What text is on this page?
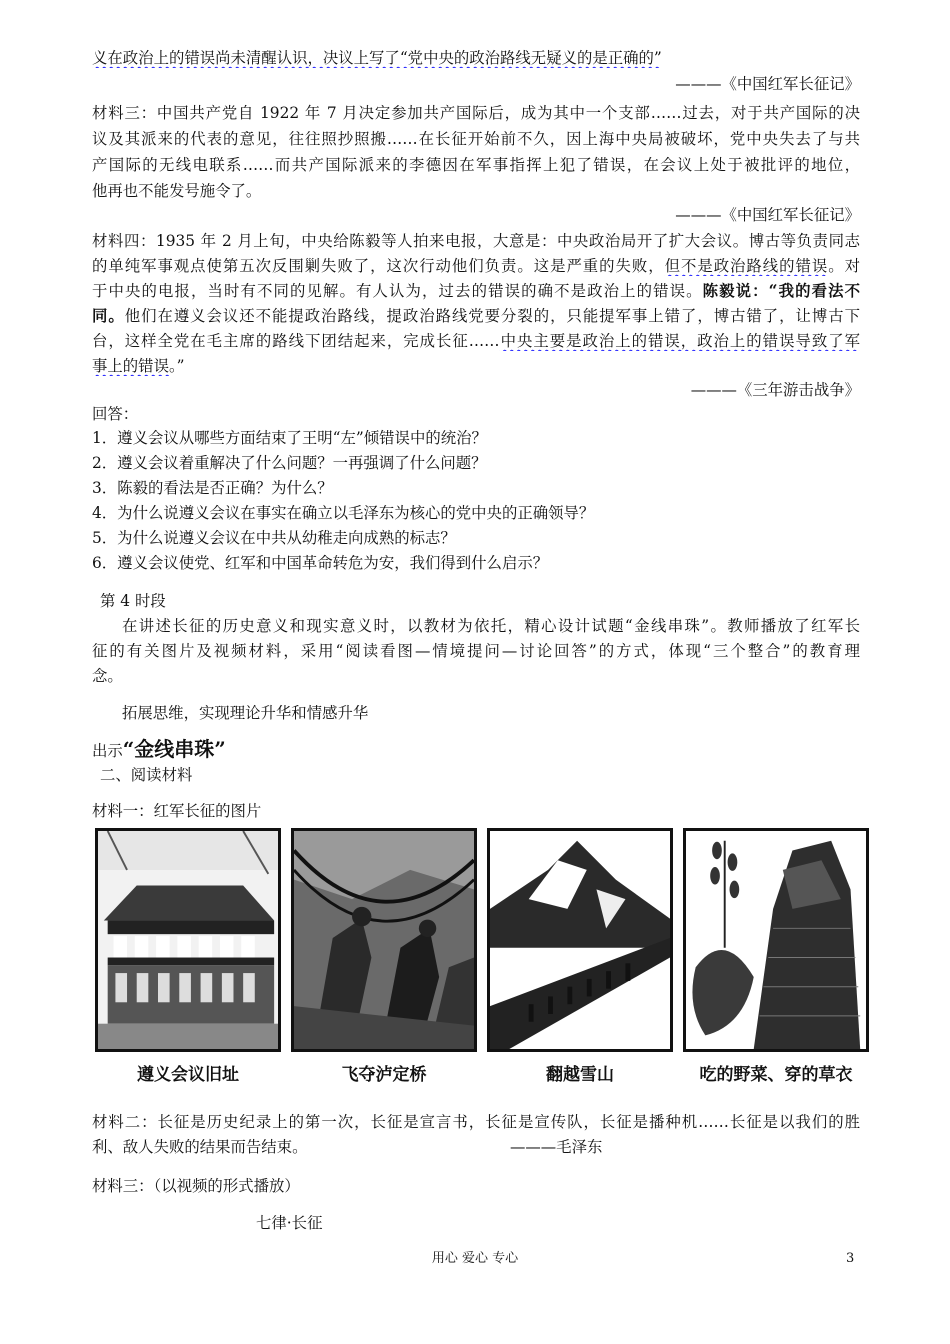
义在政治上的错误尚未清醒认识，决议上写了“党中央的政治路线无疑义的是正确的”
———《中国红军长征记》
材料三：中国共产党自 1922 年 7 月决定参加共产国际后，成为其中一个支部……过去，对于共产国际的决
议及其派来的代表的意见，往往照抄照搬……在长征开始前不久，因上海中央局被破坏，党中央失去了与共
产国际的无线电联系……而共产国际派来的李德因在军事指挥上犯了错误，在会议上处于被批评的地位，
他再也不能发号施令了。
———《中国红军长征记》
材料四：1935 年 2 月上旬，中央给陈毅等人拍来电报，大意是：中央政治局开了扩大会议。博古等负责同志
的单纯军事观点使第五次反围剿失败了，这次行动他们负责。这是严重的失败，但不是政治路线的错误。对
于中央的电报，当时有不同的见解。有人认为，过去的错误的确不是政治上的错误。陈毅说：“我的看法不
同。他们在遵义会议还不能提政治路线，提政治路线党要分裂的，只能提军事上错了，博古错了，让博古下
台，这样全党在毛主席的路线下团结起来，完成长征……中央主要是政治上的错误，政治上的错误导致了军
事上的错误。”
———《三年游击战争》
回答：
1．遵义会议从哪些方面结束了王明“左”倾错误中的统治？
2．遵义会议着重解决了什么问题？一再强调了什么问题？
3．陈毅的看法是否正确？为什么？
4．为什么说遵义会议在事实在确立以毛泽东为核心的党中央的正确领导？
5．为什么说遵义会议在中共从幼稚走向成熟的标志？
6．遵义会议使党、红军和中国革命转危为安，我们得到什么启示？
第 4 时段
在讲述长征的历史意义和现实意义时，以教材为依托，精心设计试题“金线串珠”。教师播放了红军长
征的有关图片及视频材料，采用“阅读看图—情境提问—讨论回答”的方式，体现“三个整合”的教育理
念。
拓展思维，实现理论升华和情感升华
出示“金线串珠”
二、阅读材料
材料一：红军长征的图片
遵义会议旧址	飞夺泸定桥	翻越雪山	吃的野菜、穿的草衣
材料二：长征是历史纪录上的第一次，长征是宣言书，长征是宣传队，长征是播种机……长征是以我们的胜
利、敌人失败的结果而告结束。	———毛泽东
材料三：（以视频的形式播放）
七律·长征
用心 爱心 专心	3
